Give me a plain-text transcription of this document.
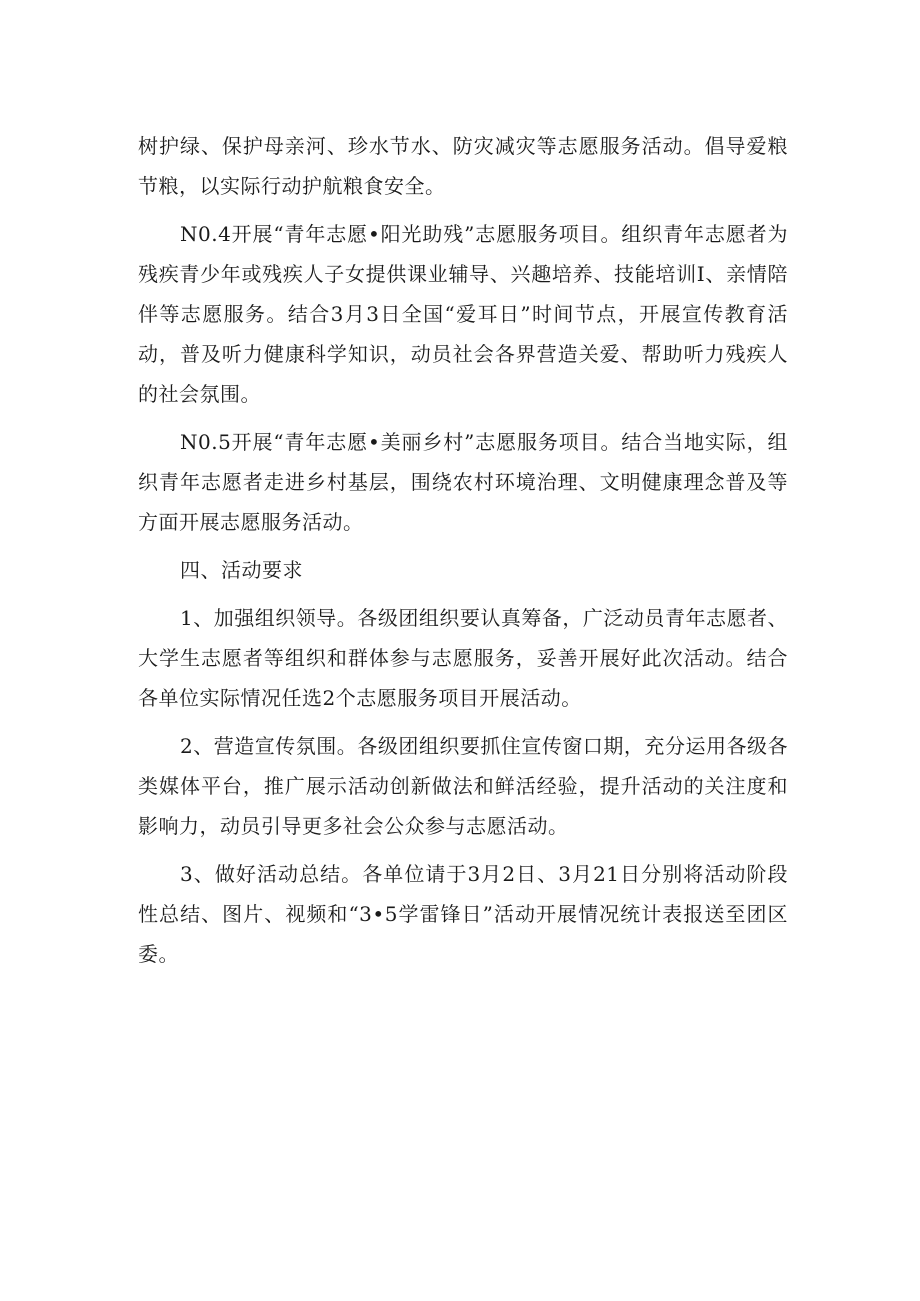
树护绿、保护母亲河、珍水节水、防灾减灾等志愿服务活动。倡导爱粮节粮，以实际行动护航粮食安全。

N0.4开展“青年志愿•阳光助残”志愿服务项目。组织青年志愿者为残疾青少年或残疾人子女提供课业辅导、兴趣培养、技能培训I、亲情陪伴等志愿服务。结合3月3日全国“爱耳日”时间节点，开展宣传教育活动，普及听力健康科学知识，动员社会各界营造关爱、帮助听力残疾人的社会氛围。

N0.5开展“青年志愿•美丽乡村”志愿服务项目。结合当地实际，组织青年志愿者走进乡村基层，围绕农村环境治理、文明健康理念普及等方面开展志愿服务活动。

四、活动要求

1、加强组织领导。各级团组织要认真筹备，广泛动员青年志愿者、大学生志愿者等组织和群体参与志愿服务，妥善开展好此次活动。结合各单位实际情况任选2个志愿服务项目开展活动。

2、营造宣传氛围。各级团组织要抓住宣传窗口期，充分运用各级各类媒体平台，推广展示活动创新做法和鲜活经验，提升活动的关注度和影响力，动员引导更多社会公众参与志愿活动。

3、做好活动总结。各单位请于3月2日、3月21日分别将活动阶段性总结、图片、视频和“3•5学雷锋日”活动开展情况统计表报送至团区委。
